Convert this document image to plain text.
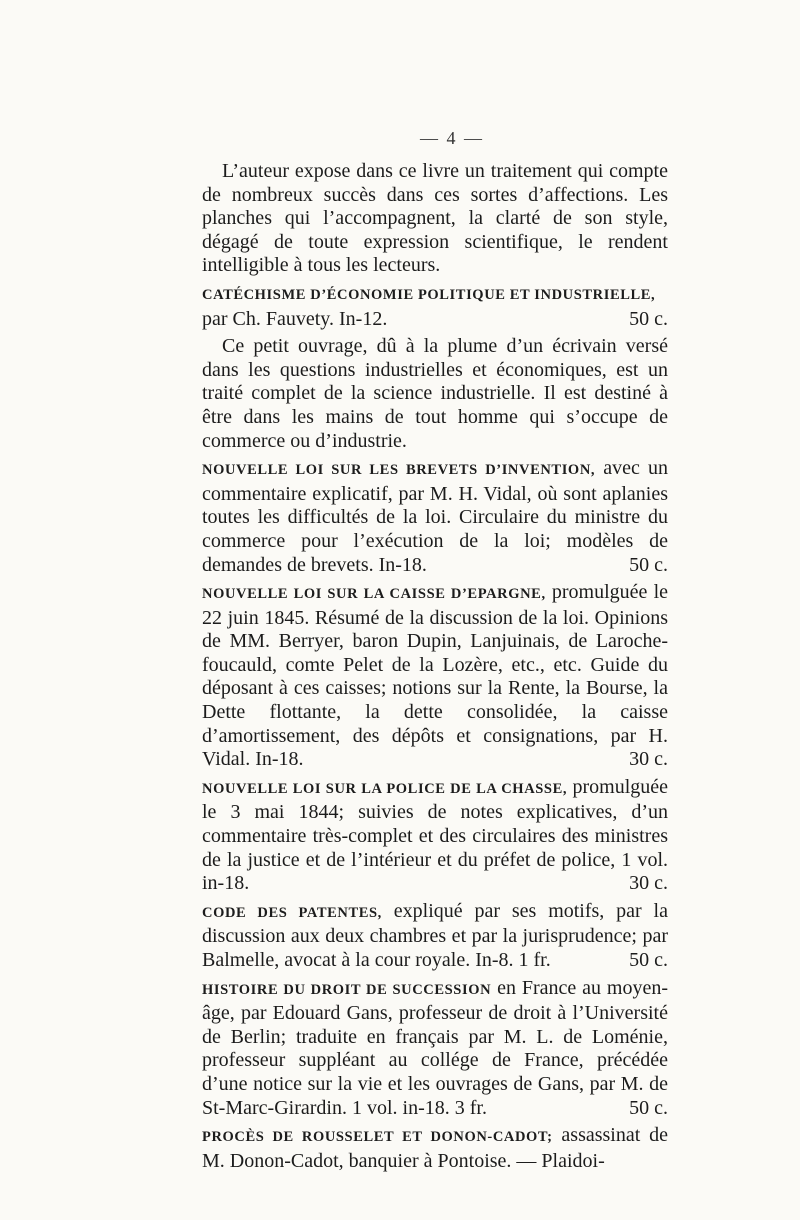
— 4 —

L’auteur expose dans ce livre un traitement qui compte de nombreux succès dans ces sortes d’affections. Les planches qui l’accompagnent, la clarté de son style, dégagé de toute expression scientifique, le rendent intelligible à tous les lecteurs.

CATÉCHISME D’ÉCONOMIE POLITIQUE ET INDUSTRIELLE,
par Ch. Fauvety. In-12.	50 c.

Ce petit ouvrage, dû à la plume d’un écrivain versé dans les questions industrielles et économiques, est un traité complet de la science industrielle. Il est destiné à être dans les mains de tout homme qui s’occupe de commerce ou d’industrie.

NOUVELLE LOI SUR LES BREVETS D’INVENTION, avec un commentaire explicatif, par M. H. Vidal, où sont aplanies toutes les difficultés de la loi. Circulaire du ministre du commerce pour l’exécution de la loi; modèles de demandes de brevets. In-18.	50 c.

NOUVELLE LOI SUR LA CAISSE D’EPARGNE, promulguée le 22 juin 1845. Résumé de la discussion de la loi. Opinions de MM. Berryer, baron Dupin, Lanjuinais, de Laroche-foucauld, comte Pelet de la Lozère, etc., etc. Guide du déposant à ces caisses; notions sur la Rente, la Bourse, la Dette flottante, la dette consolidée, la caisse d’amortissement, des dépôts et consignations, par H. Vidal. In-18.	30 c.

NOUVELLE LOI SUR LA POLICE DE LA CHASSE, promulguée le 3 mai 1844; suivies de notes explicatives, d’un commentaire très-complet et des circulaires des ministres de la justice et de l’intérieur et du préfet de police, 1 vol. in-18.	30 c.

CODE DES PATENTES, expliqué par ses motifs, par la discussion aux deux chambres et par la jurisprudence; par Balmelle, avocat à la cour royale. In-8. 1 fr.	50 c.

HISTOIRE DU DROIT DE SUCCESSION en France au moyen-âge, par Edouard Gans, professeur de droit à l’Université de Berlin; traduite en français par M. L. de Loménie, professeur suppléant au collége de France, précédée d’une notice sur la vie et les ouvrages de Gans, par M. de St-Marc-Girardin. 1 vol. in-18. 3 fr.	50 c.

PROCÈS DE ROUSSELET ET DONON-CADOT; assassinat de M. Donon-Cadot, banquier à Pontoise. — Plaidoi-
